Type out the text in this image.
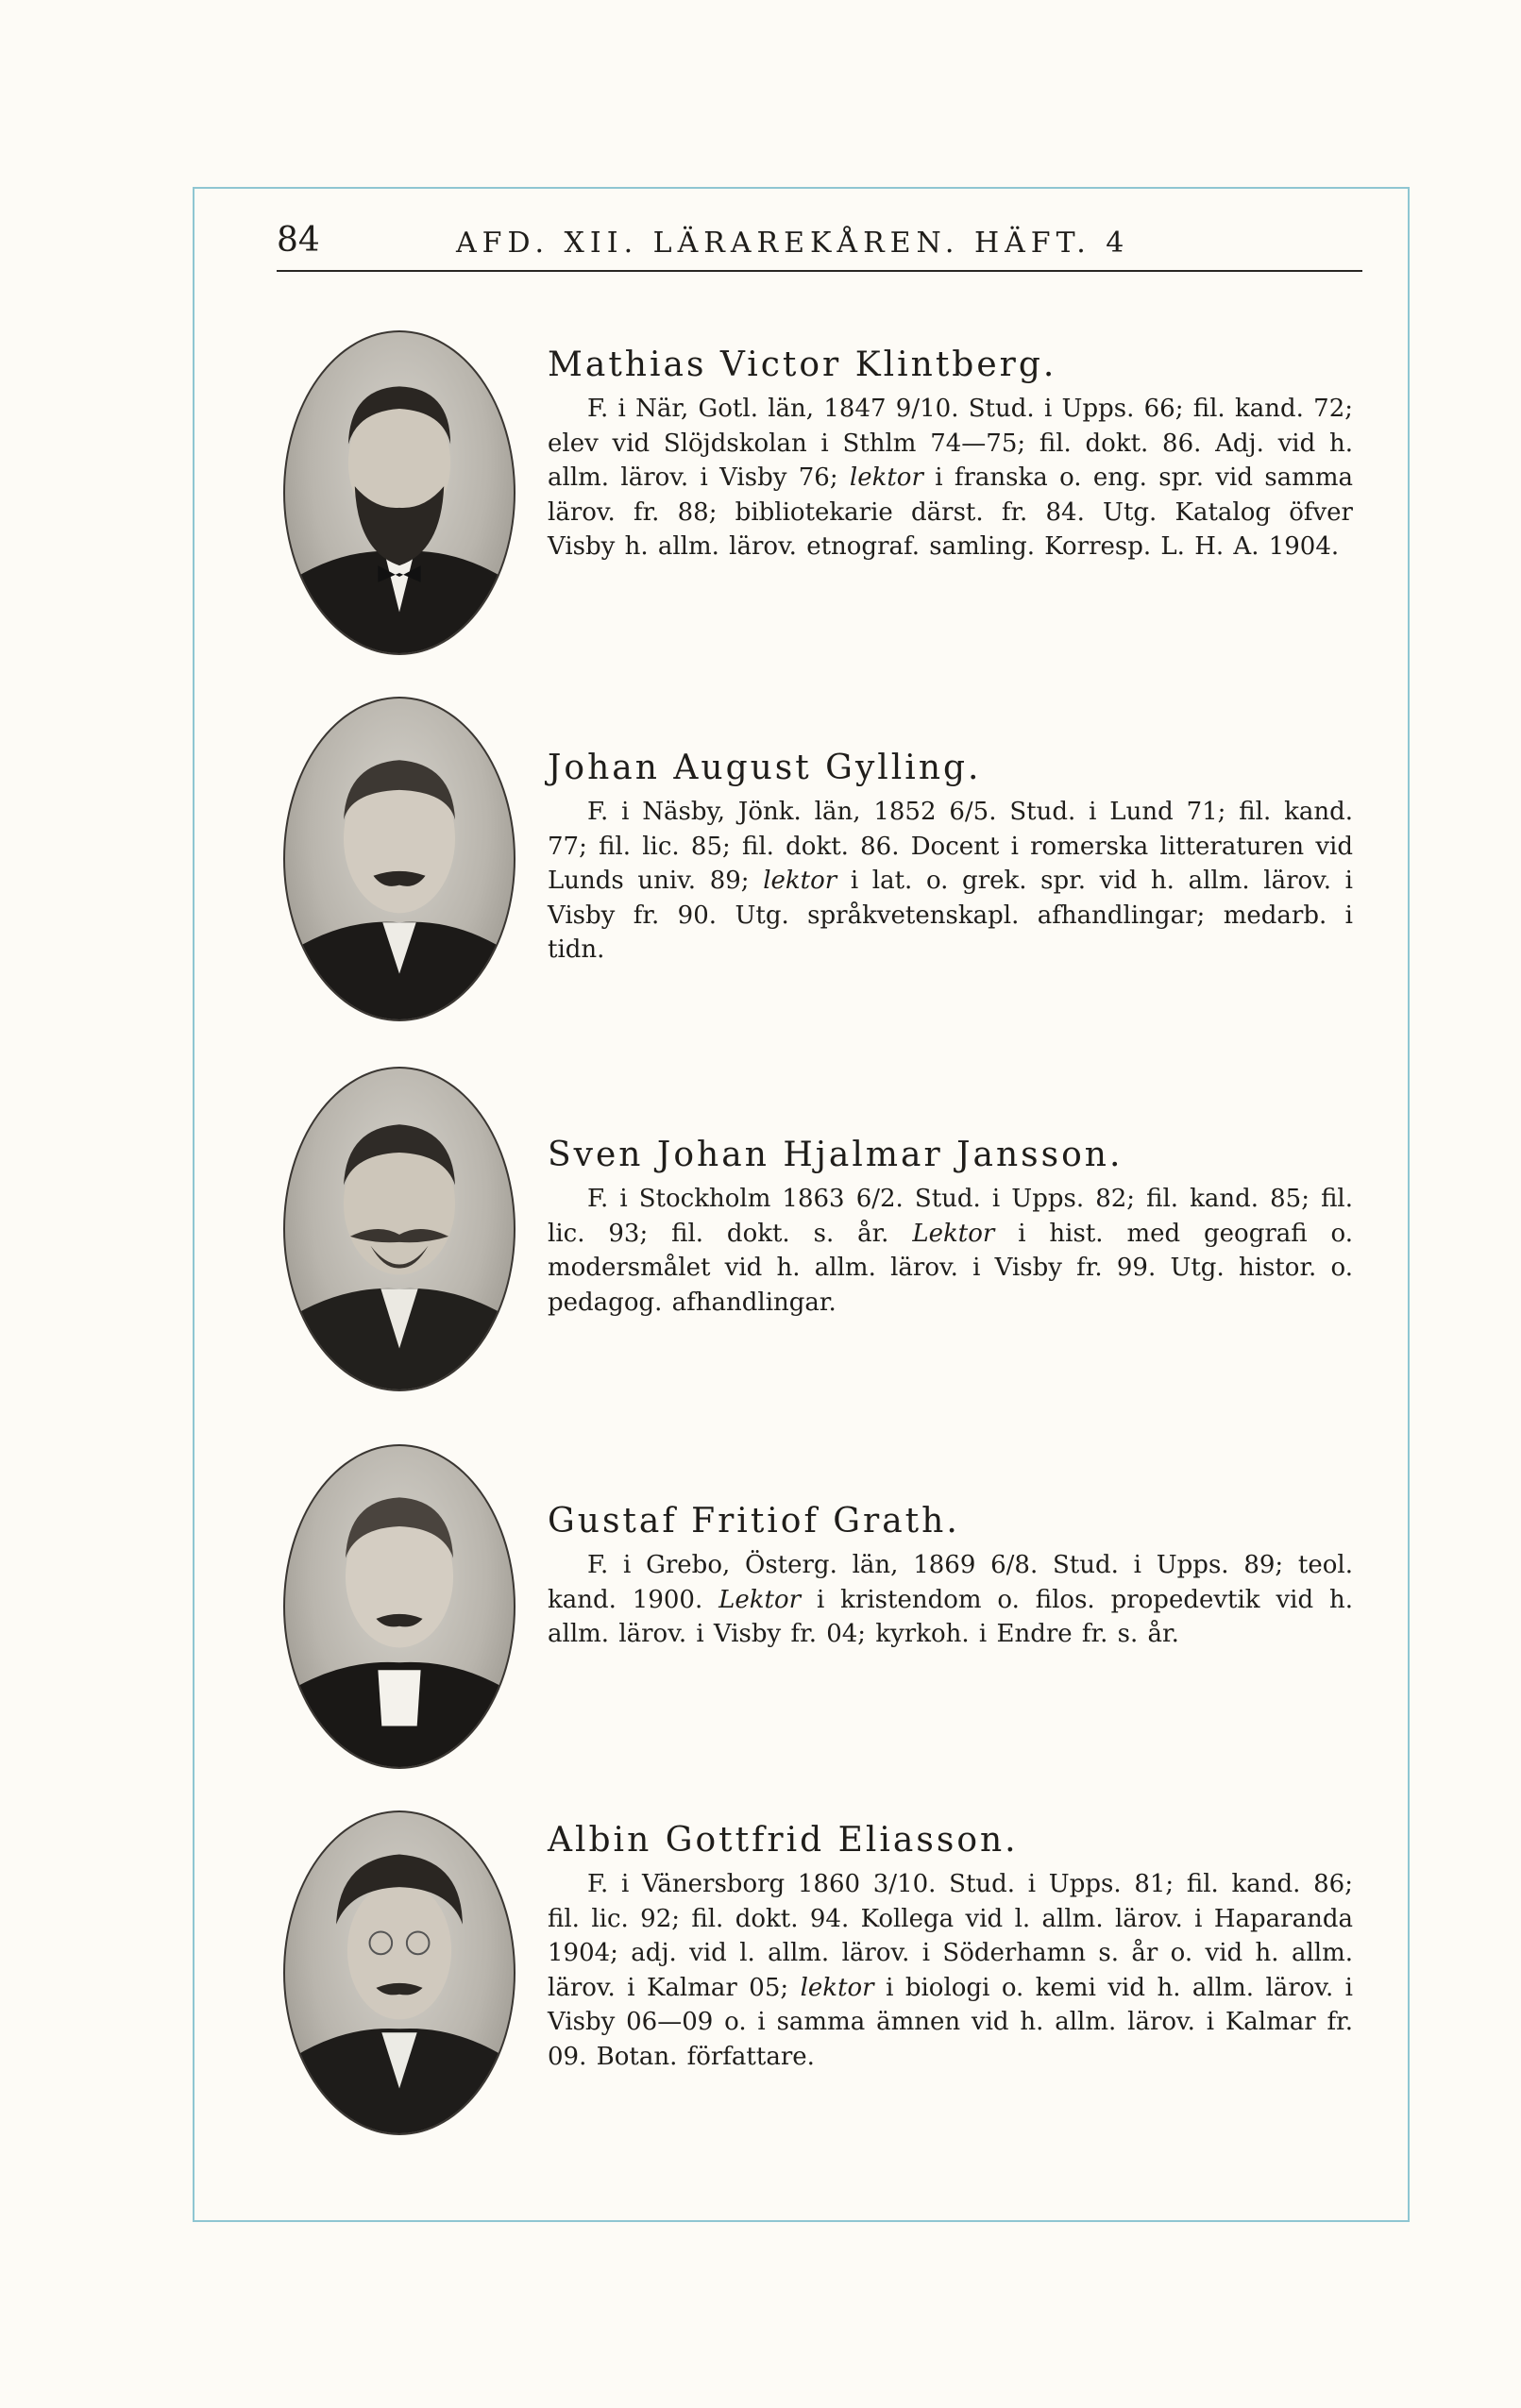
84	AFD. XII. LÄRAREKÅREN. HÄFT. 4
Mathias Victor Klintberg.
F. i När, Gotl. län, 1847 9/10. Stud. i Upps. 66; fil. kand. 72; elev vid Slöjdskolan i Sthlm 74—75; fil. dokt. 86. Adj. vid h. allm. lärov. i Visby 76; lektor i franska o. eng. spr. vid samma lärov. fr. 88; bibliotekarie därst. fr. 84. Utg. Katalog öfver Visby h. allm. lärov. etnograf. samling. Korresp. L. H. A. 1904.
Johan August Gylling.
F. i Näsby, Jönk. län, 1852 6/5. Stud. i Lund 71; fil. kand. 77; fil. lic. 85; fil. dokt. 86. Docent i romerska litteraturen vid Lunds univ. 89; lektor i lat. o. grek. spr. vid h. allm. lärov. i Visby fr. 90. Utg. språkvetenskapl. afhandlingar; medarb. i tidn.
Sven Johan Hjalmar Jansson.
F. i Stockholm 1863 6/2. Stud. i Upps. 82; fil. kand. 85; fil. lic. 93; fil. dokt. s. år. Lektor i hist. med geografi o. modersmålet vid h. allm. lärov. i Visby fr. 99. Utg. histor. o. pedagog. afhandlingar.
Gustaf Fritiof Grath.
F. i Grebo, Österg. län, 1869 6/8. Stud. i Upps. 89; teol. kand. 1900. Lektor i kristendom o. filos. propedevtik vid h. allm. lärov. i Visby fr. 04; kyrkoh. i Endre fr. s. år.
Albin Gottfrid Eliasson.
F. i Vänersborg 1860 3/10. Stud. i Upps. 81; fil. kand. 86; fil. lic. 92; fil. dokt. 94. Kollega vid l. allm. lärov. i Haparanda 1904; adj. vid l. allm. lärov. i Söderhamn s. år o. vid h. allm. lärov. i Kalmar 05; lektor i biologi o. kemi vid h. allm. lärov. i Visby 06—09 o. i samma ämnen vid h. allm. lärov. i Kalmar fr. 09. Botan. författare.
